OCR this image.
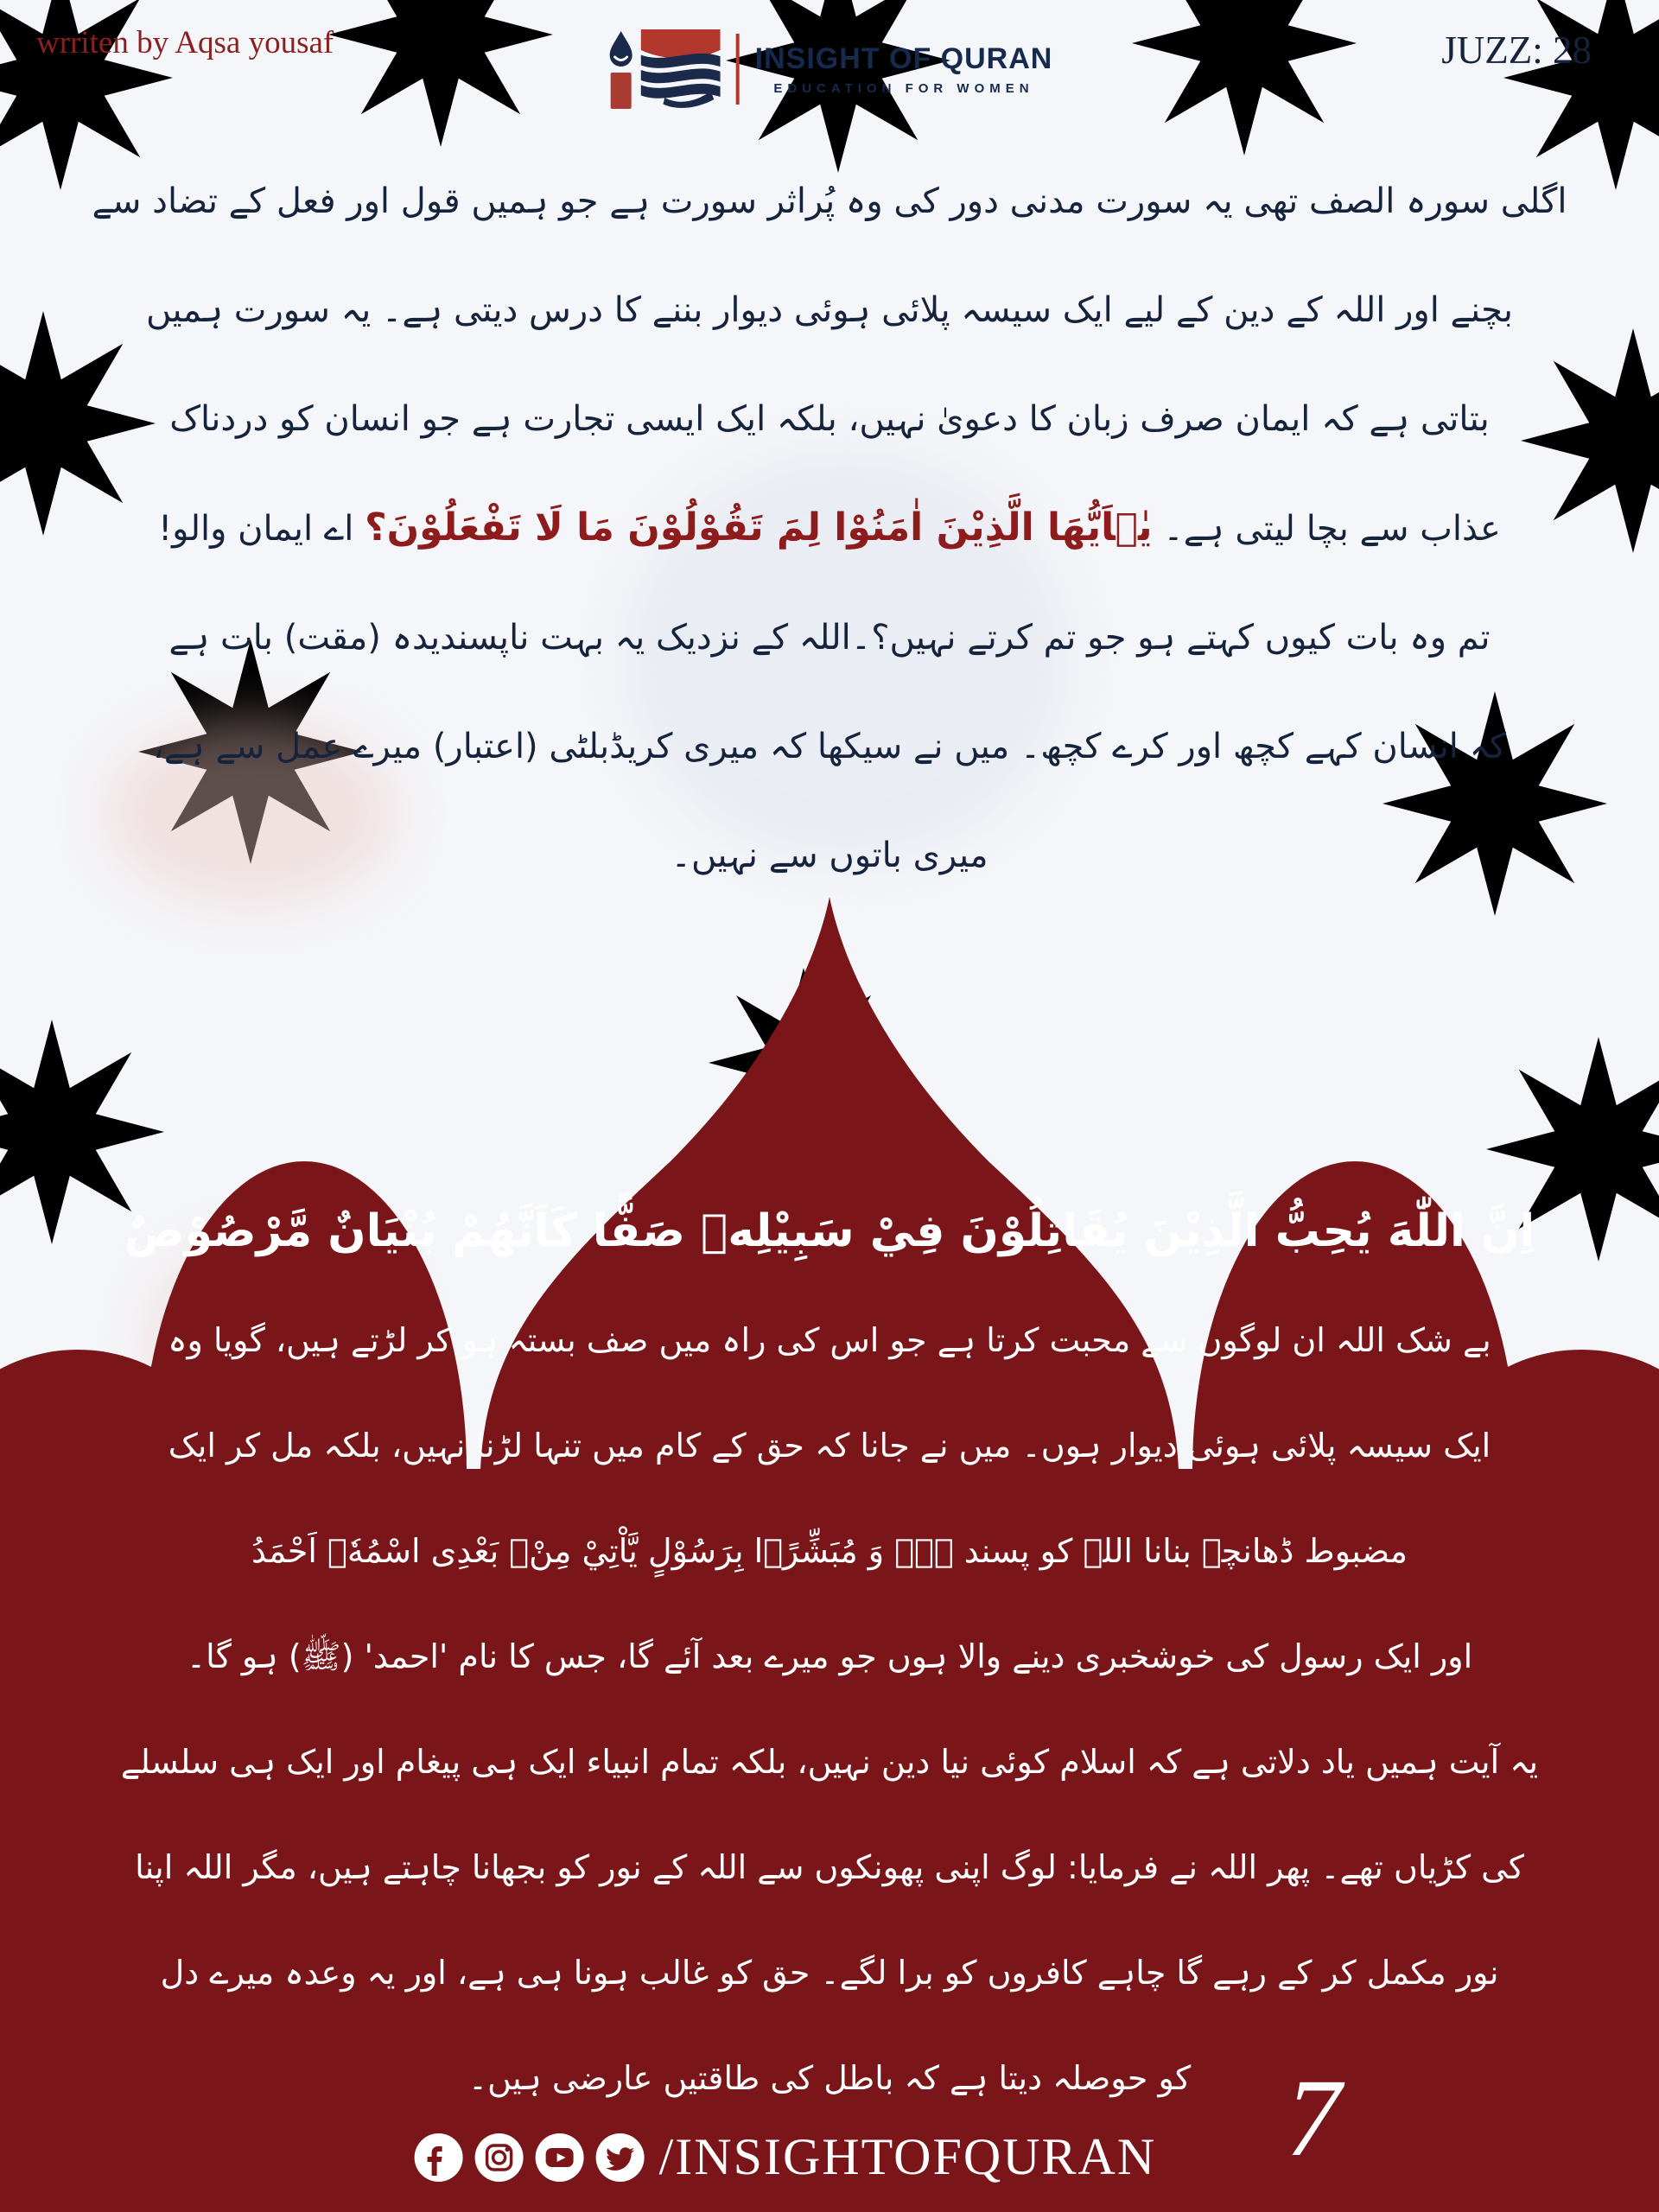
wrriten by Aqsa yousaf	INSIGHT OF QURAN
EDUCATION FOR WOMEN
JUZZ: 28
اگلی سورہ الصف تھی یہ سورت مدنی دور کی وہ پُراثر سورت ہے جو ہمیں قول اور فعل کے تضاد سے
بچنے اور اللہ کے دین کے لیے ایک سیسہ پلائی ہوئی دیوار بننے کا درس دیتی ہے۔ یہ سورت ہمیں
بتاتی ہے کہ ایمان صرف زبان کا دعویٰ نہیں، بلکہ ایک ایسی تجارت ہے جو انسان کو دردناک
عذاب سے بچا لیتی ہے۔ يٰۤاَيُّهَا الَّذِيْنَ اٰمَنُوْا لِمَ تَقُوْلُوْنَ مَا لَا تَفْعَلُوْنَ؟ اے ایمان والو!
تم وہ بات کیوں کہتے ہو جو تم کرتے نہیں؟۔اللہ کے نزدیک یہ بہت ناپسندیدہ (مقت) بات ہے
کہ انسان کہے کچھ اور کرے کچھ۔ میں نے سیکھا کہ میری کریڈبلٹی (اعتبار) میرے عمل سے ہے،
میری باتوں سے نہیں۔
اِنَّ اللّٰهَ يُحِبُّ الَّذِيْنَ يُقَاتِلُوْنَ فِيْ سَبِيْلِهٖ صَفًّا كَاَنَّهُمْ بُنْيَانٌ مَّرْصُوْصٌ
بے شک اللہ ان لوگوں سے محبت کرتا ہے جو اس کی راہ میں صف بستہ ہو کر لڑتے ہیں، گویا وہ
ایک سیسہ پلائی ہوئی دیوار ہوں۔ میں نے جانا کہ حق کے کام میں تنہا لڑنا نہیں، بلکہ مل کر ایک
مضبوط ڈھانچہ بنانا اللہ کو پسند ہے۔ وَ مُبَشِّرًۢا بِرَسُوْلٍ يَّاْتِيْ مِنْۢ بَعْدِی اسْمُهٗۤ اَحْمَدُ
اور ایک رسول کی خوشخبری دینے والا ہوں جو میرے بعد آئے گا، جس کا نام 'احمد' (ﷺ) ہو گا۔
یہ آیت ہمیں یاد دلاتی ہے کہ اسلام کوئی نیا دین نہیں، بلکہ تمام انبیاء ایک ہی پیغام اور ایک ہی سلسلے
کی کڑیاں تھے۔ پھر اللہ نے فرمایا: لوگ اپنی پھونکوں سے اللہ کے نور کو بجھانا چاہتے ہیں، مگر اللہ اپنا
نور مکمل کر کے رہے گا چاہے کافروں کو برا لگے۔ حق کو غالب ہونا ہی ہے، اور یہ وعدہ میرے دل
کو حوصلہ دیتا ہے کہ باطل کی طاقتیں عارضی ہیں۔
/INSIGHTOFQURAN 7
